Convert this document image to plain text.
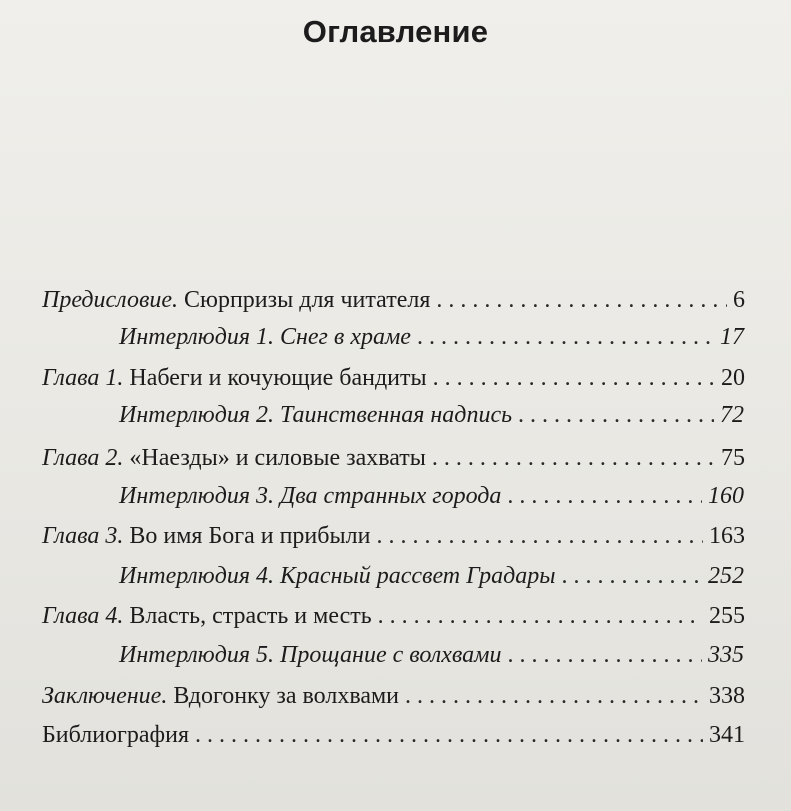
Оглавление
Предисловие. Сюрпризы для читателя . . .	6
Интерлюдия 1. Снег в храме . . .	17
Глава 1. Набеги и кочующие бандиты . . .	20
Интерлюдия 2. Таинственная надпись . . .	72
Глава 2. «Наезды» и силовые захваты . . .	75
Интерлюдия 3. Два странных города . . .	160
Глава 3. Во имя Бога и прибыли . . .	163
Интерлюдия 4. Красный рассвет Градары . . .	252
Глава 4. Власть, страсть и месть . . .	255
Интерлюдия 5. Прощание с волхвами . . .	335
Заключение. Вдогонку за волхвами . . .	338
Библиография . . .	341
